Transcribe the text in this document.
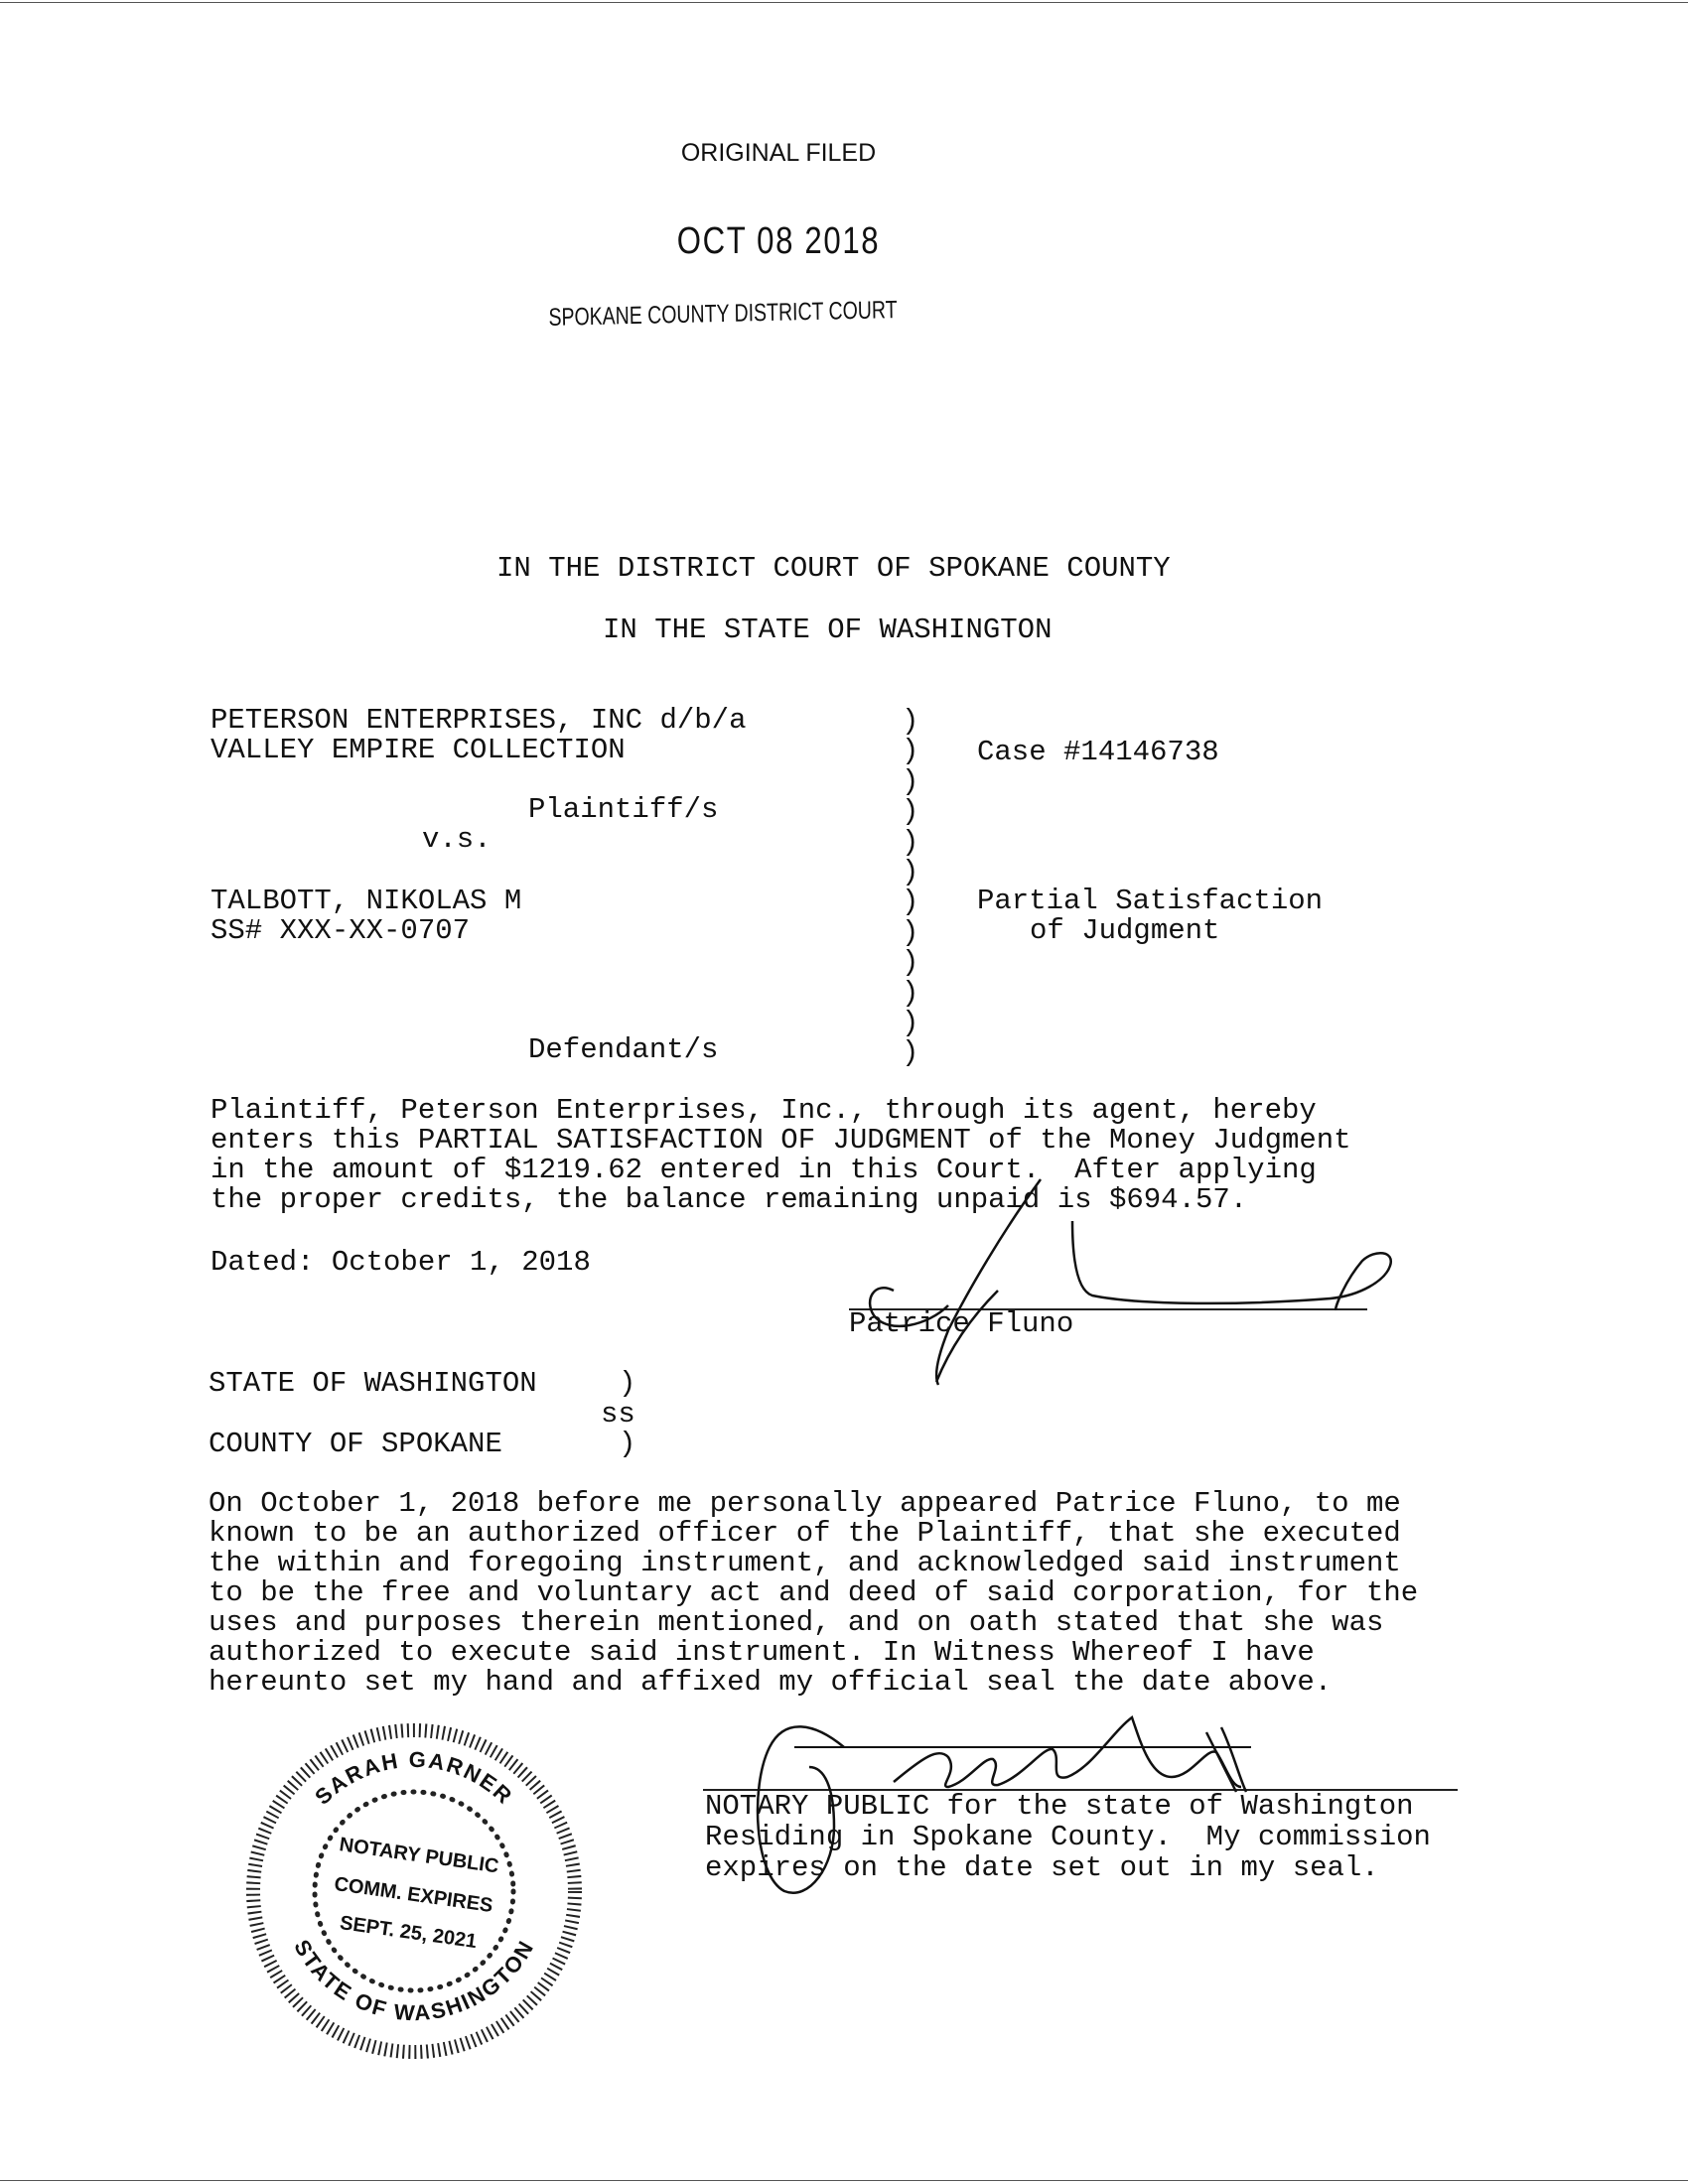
ORIGINAL FILED
OCT 08 2018
SPOKANE COUNTY DISTRICT COURT
IN THE DISTRICT COURT OF SPOKANE COUNTY
IN THE STATE OF WASHINGTON
PETERSON ENTERPRISES, INC d/b/a
VALLEY EMPIRE COLLECTION
Plaintiff/s
v.s.
TALBOTT, NIKOLAS M
SS# XXX-XX-0707
Defendant/s
)
)
)
)
)
)
)
)
)
)
)
)
Case #14146738
Partial Satisfaction
of Judgment
Plaintiff, Peterson Enterprises, Inc., through its agent, hereby
enters this PARTIAL SATISFACTION OF JUDGMENT of the Money Judgment
in the amount of $1219.62 entered in this Court.  After applying
the proper credits, the balance remaining unpaid is $694.57.
Dated: October 1, 2018
Patrice Fluno
STATE OF WASHINGTON	)
ss
COUNTY OF SPOKANE	)
On October 1, 2018 before me personally appeared Patrice Fluno, to me
known to be an authorized officer of the Plaintiff, that she executed
the within and foregoing instrument, and acknowledged said instrument
to be the free and voluntary act and deed of said corporation, for the
uses and purposes therein mentioned, and on oath stated that she was
authorized to execute said instrument. In Witness Whereof I have
hereunto set my hand and affixed my official seal the date above.
NOTARY PUBLIC for the state of Washington
Residing in Spokane County.  My commission
expires on the date set out in my seal.
SARAH GARNER
STATE OF WASHINGTON
NOTARY PUBLIC
COMM. EXPIRES
SEPT. 25, 2021
